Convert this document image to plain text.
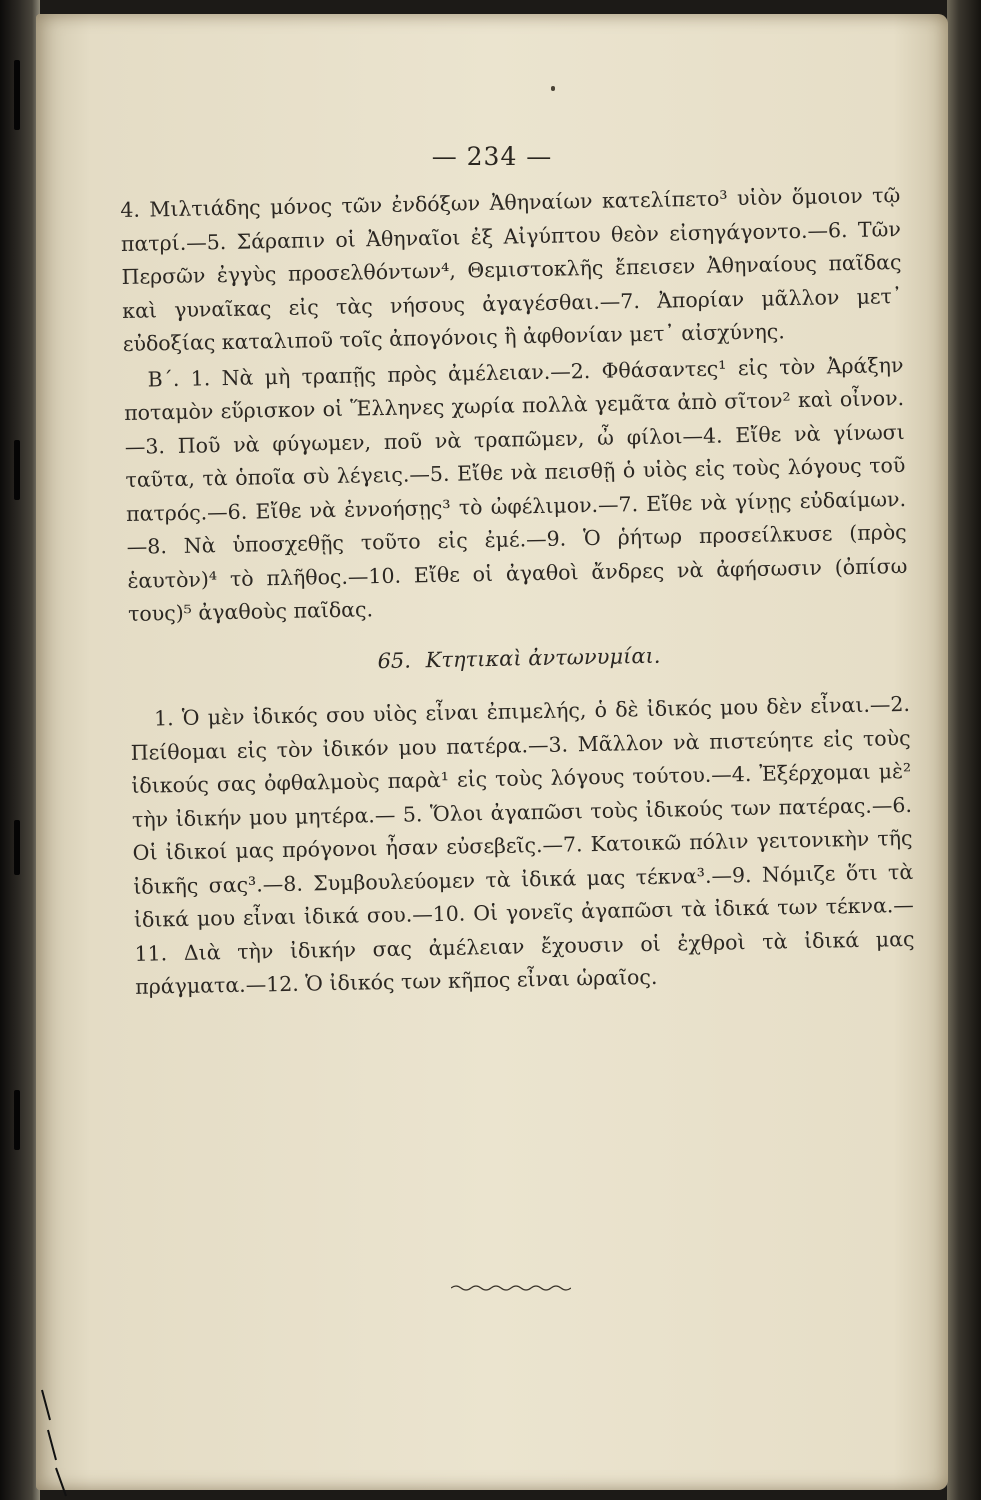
— 234 —

4. Μιλτιάδης μόνος τῶν ἐνδόξων Ἀθηναίων κατελίπετο³ υἱὸν ὅμοιον τῷ πατρί.—5. Σάραπιν οἱ Ἀθηναῖοι ἐξ Αἰγύπτου θεὸν εἰσηγάγοντο.—6. Τῶν Περσῶν ἐγγὺς προσελθόντων⁴, Θεμιστοκλῆς ἔπεισεν Ἀθηναίους παῖδας καὶ γυναῖκας εἰς τὰς νήσους ἀγαγέσθαι.—7. Ἀπορίαν μᾶλλον μετ᾽ εὐδοξίας καταλιποῦ τοῖς ἀπογόνοις ἢ ἀφθονίαν μετ᾽ αἰσχύνης.

Β΄. 1. Νὰ μὴ τραπῇς πρὸς ἀμέλειαν.—2. Φθάσαντες¹ εἰς τὸν Ἀράξην ποταμὸν εὕρισκον οἱ Ἕλληνες χωρία πολλὰ γεμᾶτα ἀπὸ σῖτον² καὶ οἶνον.—3. Ποῦ νὰ φύγωμεν, ποῦ νὰ τραπῶμεν, ὦ φίλοι—4. Εἴθε νὰ γίνωσι ταῦτα, τὰ ὁποῖα σὺ λέγεις.—5. Εἴθε νὰ πεισθῇ ὁ υἱὸς εἰς τοὺς λόγους τοῦ πατρός.—6. Εἴθε νὰ ἐννοήσῃς³ τὸ ὠφέλιμον.—7. Εἴθε νὰ γίνῃς εὐδαίμων.—8. Νὰ ὑποσχεθῇς τοῦτο εἰς ἐμέ.—9. Ὁ ῥήτωρ προσείλκυσε (πρὸς ἑαυτὸν)⁴ τὸ πλῆθος.—10. Εἴθε οἱ ἀγαθοὶ ἄνδρες νὰ ἀφήσωσιν (ὀπίσω τους)⁵ ἀγαθοὺς παῖδας.

65. Κτητικαὶ ἀντωνυμίαι.

1. Ὁ μὲν ἰδικός σου υἱὸς εἶναι ἐπιμελής, ὁ δὲ ἰδικός μου δὲν εἶναι.—2. Πείθομαι εἰς τὸν ἰδικόν μου πατέρα.—3. Μᾶλλον νὰ πιστεύητε εἰς τοὺς ἰδικούς σας ὀφθαλμοὺς παρὰ¹ εἰς τοὺς λόγους τούτου.—4. Ἐξέρχομαι μὲ² τὴν ἰδικήν μου μητέρα.— 5. Ὅλοι ἀγαπῶσι τοὺς ἰδικούς των πατέρας.—6. Οἱ ἰδικοί μας πρόγονοι ἦσαν εὐσεβεῖς.—7. Κατοικῶ πόλιν γειτονικὴν τῆς ἰδικῆς σας³.—8. Συμβουλεύομεν τὰ ἰδικά μας τέκνα³.—9. Νόμιζε ὅτι τὰ ἰδικά μου εἶναι ἰδικά σου.—10. Οἱ γονεῖς ἀγαπῶσι τὰ ἰδικά των τέκνα.—11. Διὰ τὴν ἰδικήν σας ἀμέλειαν ἔχουσιν οἱ ἐχθροὶ τὰ ἰδικά μας πράγματα.—12. Ὁ ἰδικός των κῆπος εἶναι ὡραῖος.
